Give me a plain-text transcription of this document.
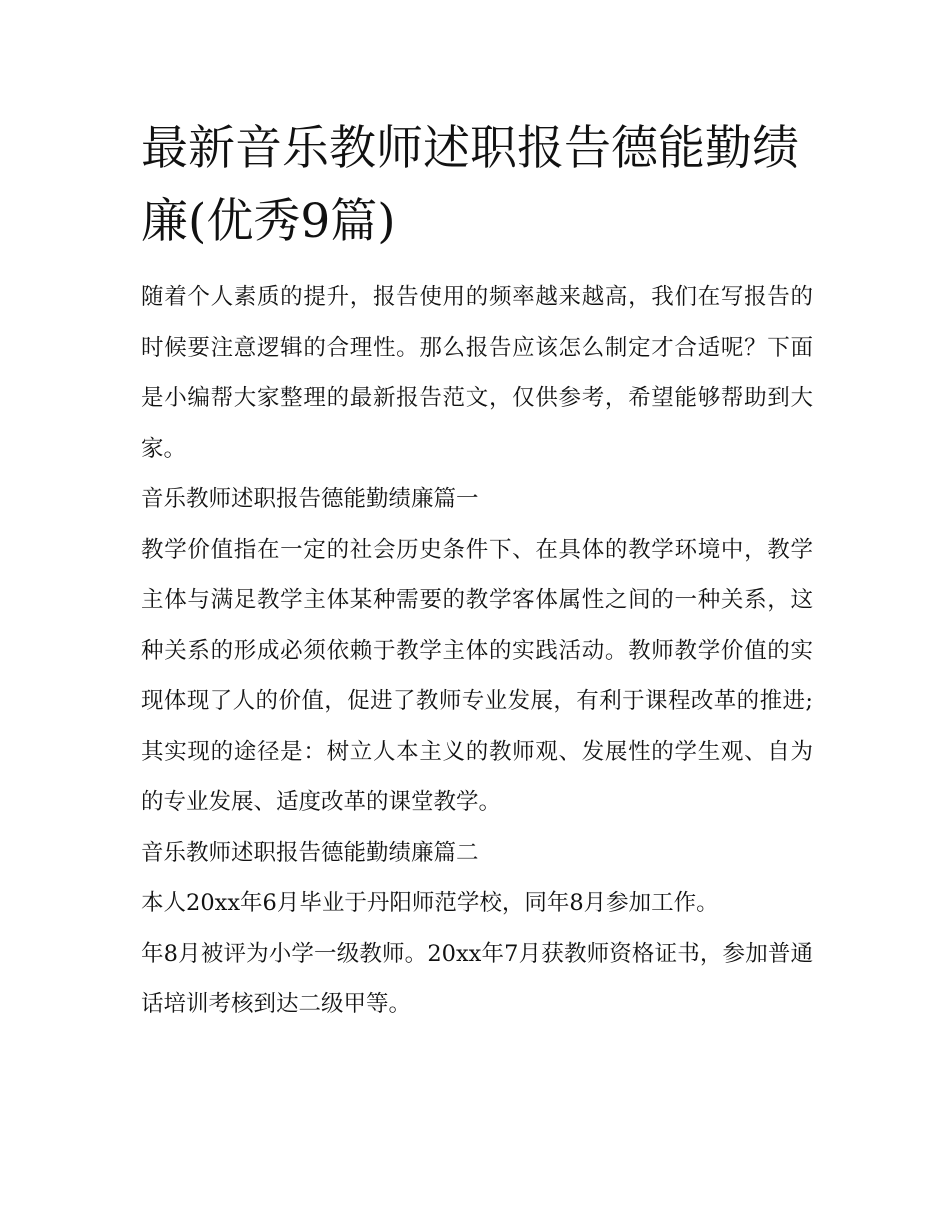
最新音乐教师述职报告德能勤绩廉(优秀9篇)

随着个人素质的提升，报告使用的频率越来越高，我们在写报告的时候要注意逻辑的合理性。那么报告应该怎么制定才合适呢？下面是小编帮大家整理的最新报告范文，仅供参考，希望能够帮助到大家。

音乐教师述职报告德能勤绩廉篇一

教学价值指在一定的社会历史条件下、在具体的教学环境中，教学主体与满足教学主体某种需要的教学客体属性之间的一种关系，这种关系的形成必须依赖于教学主体的实践活动。教师教学价值的实现体现了人的价值，促进了教师专业发展，有利于课程改革的推进;其实现的途径是：树立人本主义的教师观、发展性的学生观、自为的专业发展、适度改革的课堂教学。

音乐教师述职报告德能勤绩廉篇二

本人20xx年6月毕业于丹阳师范学校，同年8月参加工作。

年8月被评为小学一级教师。20xx年7月获教师资格证书，参加普通话培训考核到达二级甲等。
